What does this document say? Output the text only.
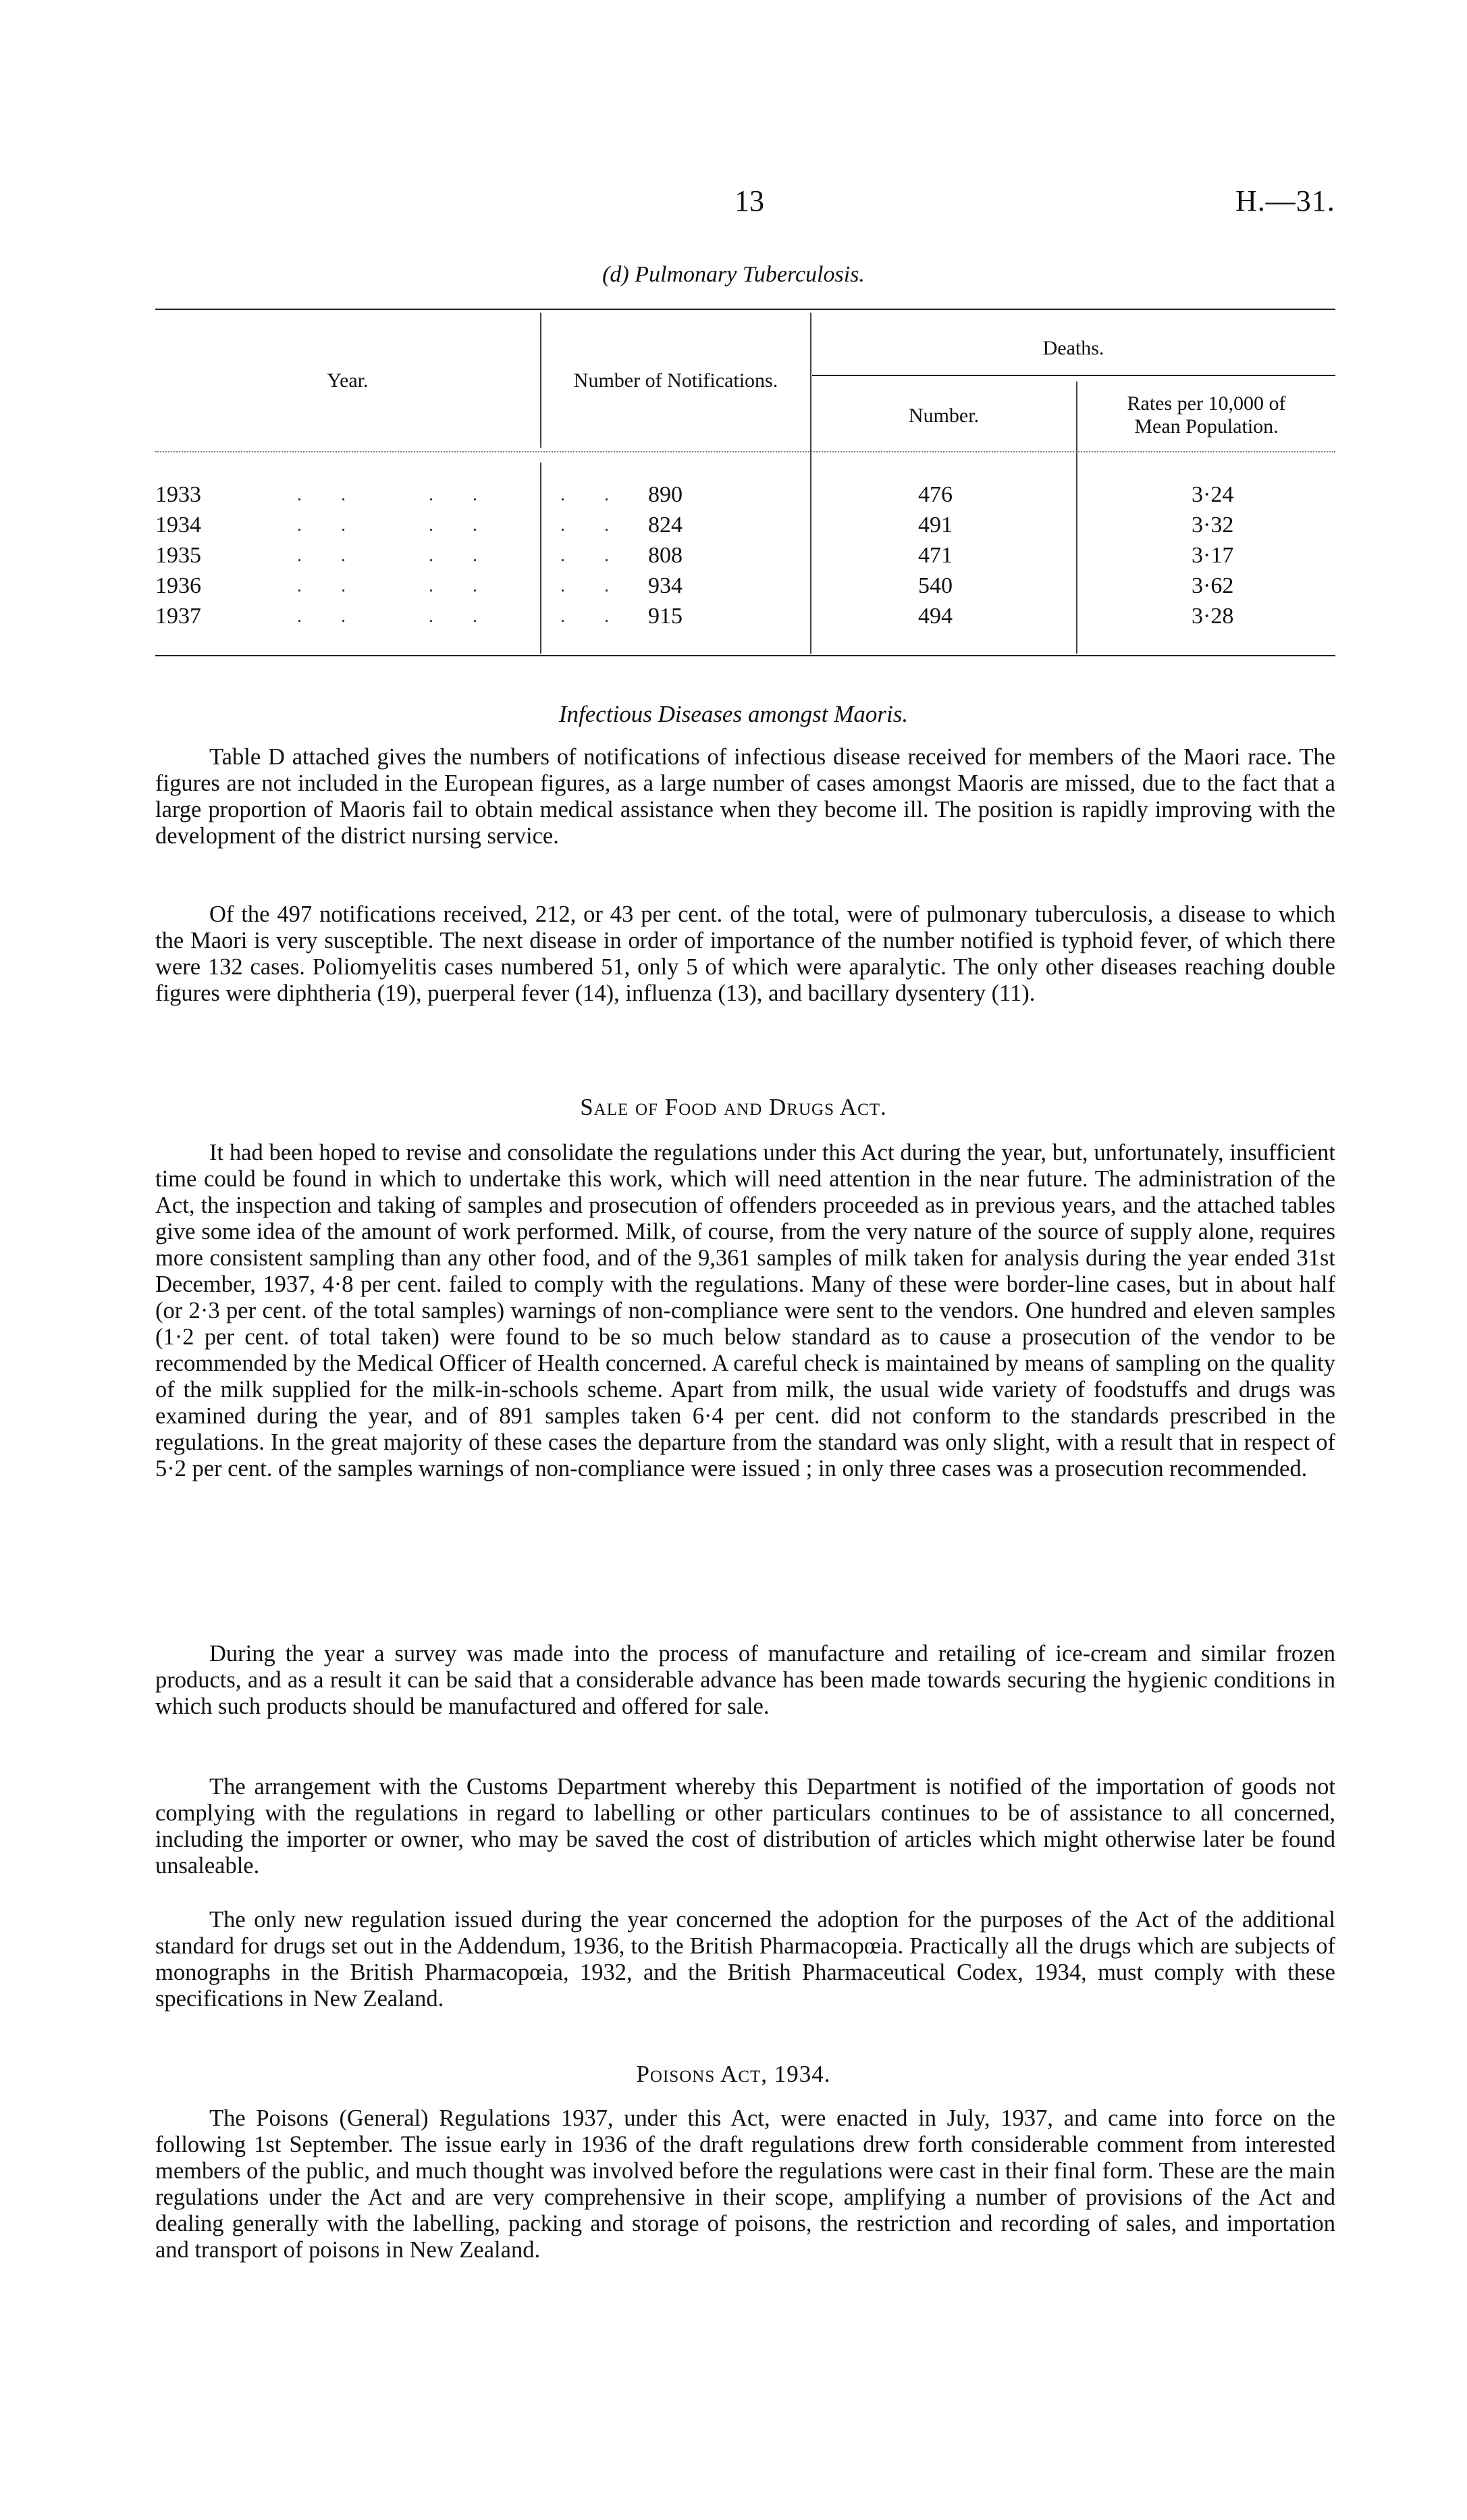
13	H.—31.
(d) Pulmonary Tuberculosis.
Year.	Number of Notifications.
Deaths.
Number.
Rates per 10,000 of
Mean Population.
1933	.. .. .. 890	476	3·24
1934	.. .. .. 824	491	3·32
1935	.. .. .. 808	471	3·17
1936	.. .. .. 934	540	3·62
1937	.. .. .. 915	494	3·28
Infectious Diseases amongst Maoris.

Table D attached gives the numbers of notifications of infectious disease received for members of the Maori race. The figures are not included in the European figures, as a large number of cases amongst Maoris are missed, due to the fact that a large proportion of Maoris fail to obtain medical assistance when they become ill. The position is rapidly improving with the development of the district nursing service.

Of the 497 notifications received, 212, or 43 per cent. of the total, were of pulmonary tuberculosis, a disease to which the Maori is very susceptible. The next disease in order of importance of the number notified is typhoid fever, of which there were 132 cases. Poliomyelitis cases numbered 51, only 5 of which were aparalytic. The only other diseases reaching double figures were diphtheria (19), puerperal fever (14), influenza (13), and bacillary dysentery (11).

Sale of Food and Drugs Act.

It had been hoped to revise and consolidate the regulations under this Act during the year, but, unfortunately, insufficient time could be found in which to undertake this work, which will need attention in the near future. The administration of the Act, the inspection and taking of samples and prosecution of offenders proceeded as in previous years, and the attached tables give some idea of the amount of work performed. Milk, of course, from the very nature of the source of supply alone, requires more consistent sampling than any other food, and of the 9,361 samples of milk taken for analysis during the year ended 31st December, 1937, 4·8 per cent. failed to comply with the regulations. Many of these were border-line cases, but in about half (or 2·3 per cent. of the total samples) warnings of non-compliance were sent to the vendors. One hundred and eleven samples (1·2 per cent. of total taken) were found to be so much below standard as to cause a prosecution of the vendor to be recommended by the Medical Officer of Health concerned. A careful check is maintained by means of sampling on the quality of the milk supplied for the milk-in-schools scheme. Apart from milk, the usual wide variety of foodstuffs and drugs was examined during the year, and of 891 samples taken 6·4 per cent. did not conform to the standards prescribed in the regulations. In the great majority of these cases the departure from the standard was only slight, with a result that in respect of 5·2 per cent. of the samples warnings of non-compliance were issued ; in only three cases was a prosecution recommended.

During the year a survey was made into the process of manufacture and retailing of ice-cream and similar frozen products, and as a result it can be said that a considerable advance has been made towards securing the hygienic conditions in which such products should be manufactured and offered for sale.

The arrangement with the Customs Department whereby this Department is notified of the importation of goods not complying with the regulations in regard to labelling or other particulars continues to be of assistance to all concerned, including the importer or owner, who may be saved the cost of distribution of articles which might otherwise later be found unsaleable.

The only new regulation issued during the year concerned the adoption for the purposes of the Act of the additional standard for drugs set out in the Addendum, 1936, to the British Pharmacopœia. Practically all the drugs which are subjects of monographs in the British Pharmacopœia, 1932, and the British Pharmaceutical Codex, 1934, must comply with these specifications in New Zealand.

Poisons Act, 1934.

The Poisons (General) Regulations 1937, under this Act, were enacted in July, 1937, and came into force on the following 1st September. The issue early in 1936 of the draft regulations drew forth considerable comment from interested members of the public, and much thought was involved before the regulations were cast in their final form. These are the main regulations under the Act and are very comprehensive in their scope, amplifying a number of provisions of the Act and dealing generally with the labelling, packing and storage of poisons, the restriction and recording of sales, and importation and transport of poisons in New Zealand.
